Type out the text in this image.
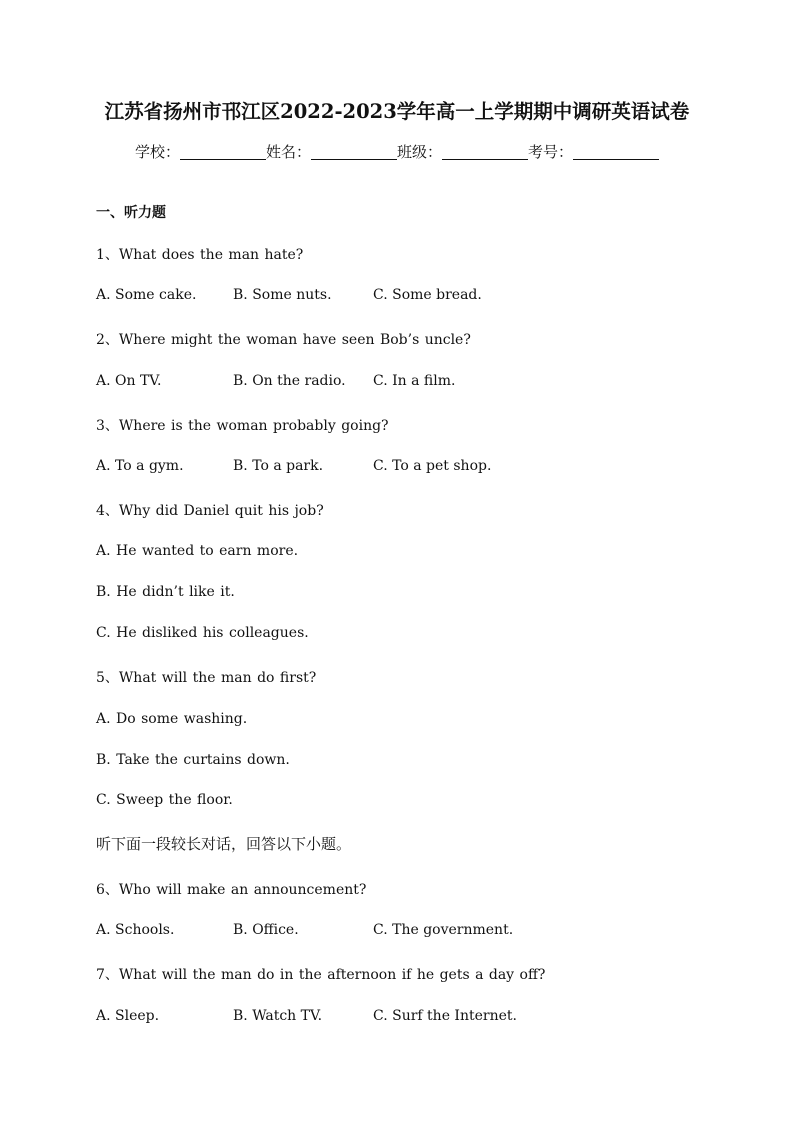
江苏省扬州市邗江区2022-2023学年高一上学期期中调研英语试卷
学校：	姓名：	班级：	考号：
一、听力题
1、What does the man hate?
A. Some cake.	B. Some nuts.	C. Some bread.
2、Where might the woman have seen Bob’s uncle?
A. On TV.	B. On the radio. C. In a film.
3、Where is the woman probably going?
A. To a gym.	B. To a park.	C. To a pet shop.
4、Why did Daniel quit his job?
A. He wanted to earn more.
B. He didn’t like it.
C. He disliked his colleagues.
5、What will the man do first?
A. Do some washing.
B. Take the curtains down.
C. Sweep the floor.
听下面一段较长对话，回答以下小题。
6、Who will make an announcement?
A. Schools.	B. Office.	C. The government.
7、What will the man do in the afternoon if he gets a day off?
A. Sleep.	B. Watch TV.	C. Surf the Internet.
